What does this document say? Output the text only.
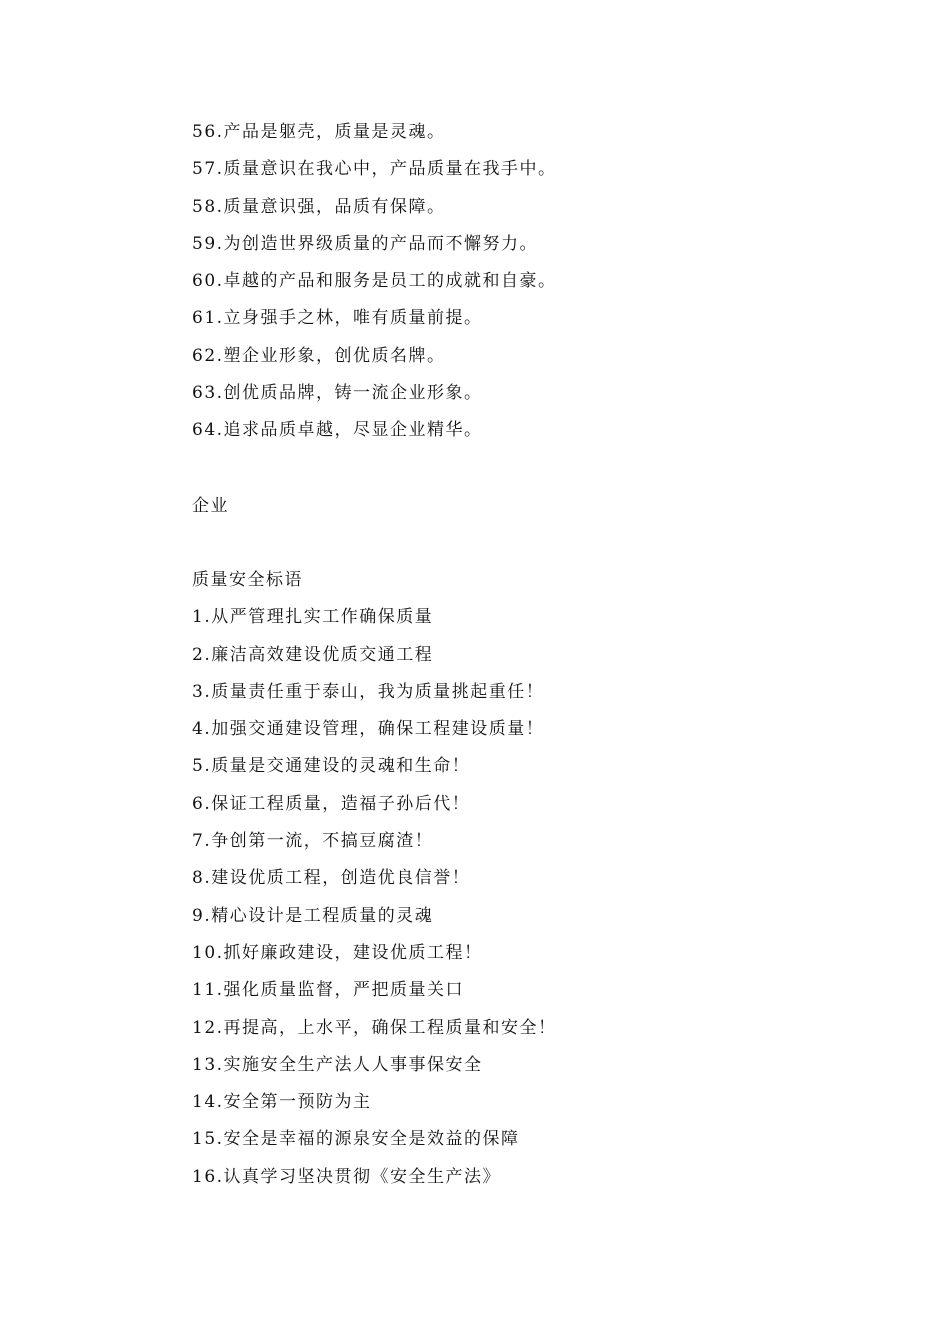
56.产品是躯壳，质量是灵魂。
57.质量意识在我心中，产品质量在我手中。
58.质量意识强，品质有保障。
59.为创造世界级质量的产品而不懈努力。
60.卓越的产品和服务是员工的成就和自豪。
61.立身强手之林，唯有质量前提。
62.塑企业形象，创优质名牌。
63.创优质品牌，铸一流企业形象。
64.追求品质卓越，尽显企业精华。
企业
质量安全标语
1.从严管理扎实工作确保质量
2.廉洁高效建设优质交通工程
3.质量责任重于泰山，我为质量挑起重任！
4.加强交通建设管理，确保工程建设质量！
5.质量是交通建设的灵魂和生命！
6.保证工程质量，造福子孙后代！
7.争创第一流，不搞豆腐渣！
8.建设优质工程，创造优良信誉！
9.精心设计是工程质量的灵魂
10.抓好廉政建设，建设优质工程！
11.强化质量监督，严把质量关口
12.再提高，上水平，确保工程质量和安全！
13.实施安全生产法人人事事保安全
14.安全第一预防为主
15.安全是幸福的源泉安全是效益的保障
16.认真学习坚决贯彻《安全生产法》
